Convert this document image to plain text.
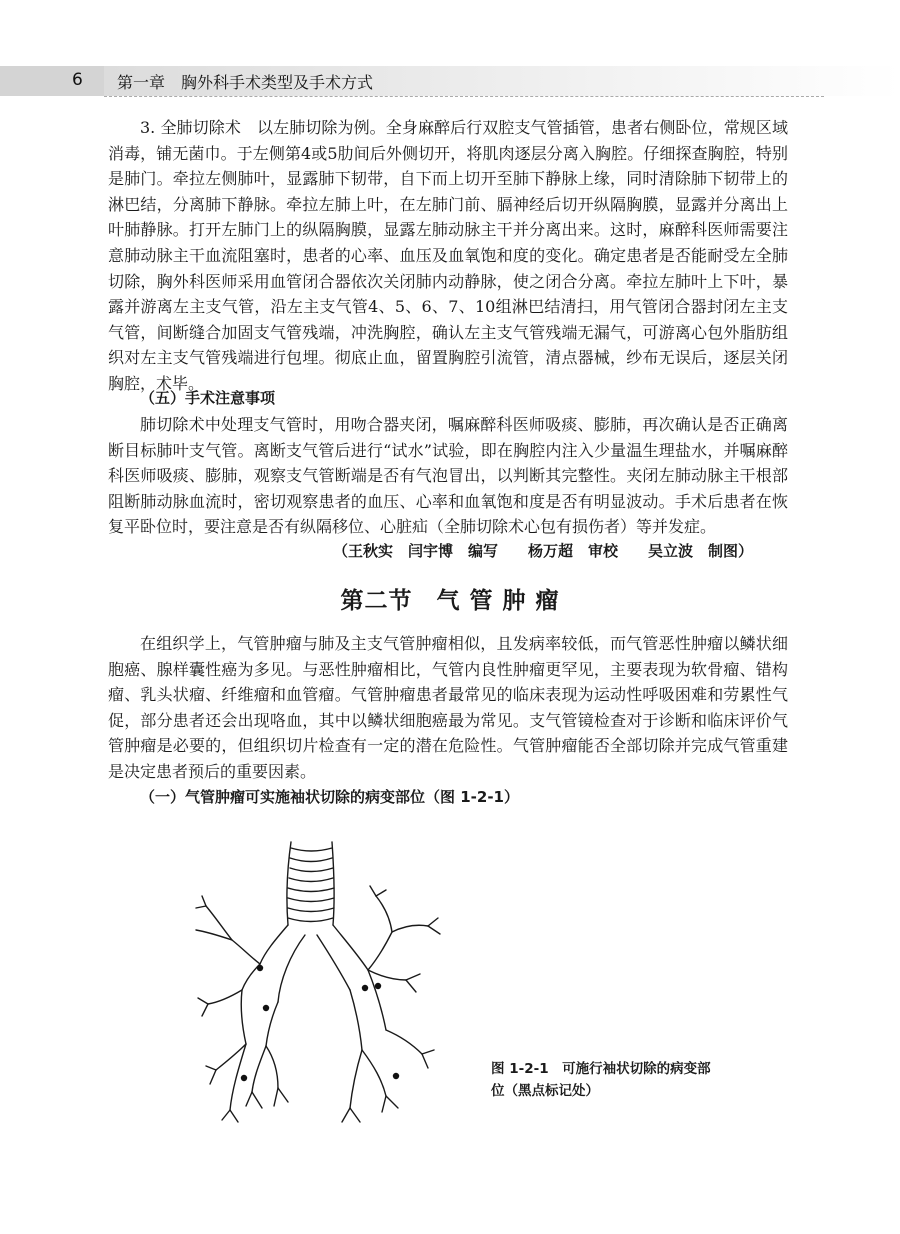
6 第一章　胸外科手术类型及手术方式

3. 全肺切除术　以左肺切除为例。全身麻醉后行双腔支气管插管，患者右侧卧位，常规区域消毒，铺无菌巾。于左侧第4或5肋间后外侧切开，将肌肉逐层分离入胸腔。仔细探查胸腔，特别是肺门。牵拉左侧肺叶，显露肺下韧带，自下而上切开至肺下静脉上缘，同时清除肺下韧带上的淋巴结，分离肺下静脉。牵拉左肺上叶，在左肺门前、膈神经后切开纵隔胸膜，显露并分离出上叶肺静脉。打开左肺门上的纵隔胸膜，显露左肺动脉主干并分离出来。这时，麻醉科医师需要注意肺动脉主干血流阻塞时，患者的心率、血压及血氧饱和度的变化。确定患者是否能耐受左全肺切除，胸外科医师采用血管闭合器依次关闭肺内动静脉，使之闭合分离。牵拉左肺叶上下叶，暴露并游离左主支气管，沿左主支气管4、5、6、7、10组淋巴结清扫，用气管闭合器封闭左主支气管，间断缝合加固支气管残端，冲洗胸腔，确认左主支气管残端无漏气，可游离心包外脂肪组织对左主支气管残端进行包埋。彻底止血，留置胸腔引流管，清点器械，纱布无误后，逐层关闭胸腔，术毕。

（五）手术注意事项

肺切除术中处理支气管时，用吻合器夹闭，嘱麻醉科医师吸痰、膨肺，再次确认是否正确离断目标肺叶支气管。离断支气管后进行“试水”试验，即在胸腔内注入少量温生理盐水，并嘱麻醉科医师吸痰、膨肺，观察支气管断端是否有气泡冒出，以判断其完整性。夹闭左肺动脉主干根部阻断肺动脉血流时，密切观察患者的血压、心率和血氧饱和度是否有明显波动。手术后患者在恢复平卧位时，要注意是否有纵隔移位、心脏疝（全肺切除术心包有损伤者）等并发症。

（王秋实　闫宇博　编写　　杨万超　审校　　吴立波　制图）

第二节　气 管 肿 瘤

在组织学上，气管肿瘤与肺及主支气管肿瘤相似，且发病率较低，而气管恶性肿瘤以鳞状细胞癌、腺样囊性癌为多见。与恶性肿瘤相比，气管内良性肿瘤更罕见，主要表现为软骨瘤、错构瘤、乳头状瘤、纤维瘤和血管瘤。气管肿瘤患者最常见的临床表现为运动性呼吸困难和劳累性气促，部分患者还会出现咯血，其中以鳞状细胞癌最为常见。支气管镜检查对于诊断和临床评价气管肿瘤是必要的，但组织切片检查有一定的潜在危险性。气管肿瘤能否全部切除并完成气管重建是决定患者预后的重要因素。

（一）气管肿瘤可实施袖状切除的病变部位（图 1-2-1）

图 1-2-1　可施行袖状切除的病变部
位（黑点标记处）
